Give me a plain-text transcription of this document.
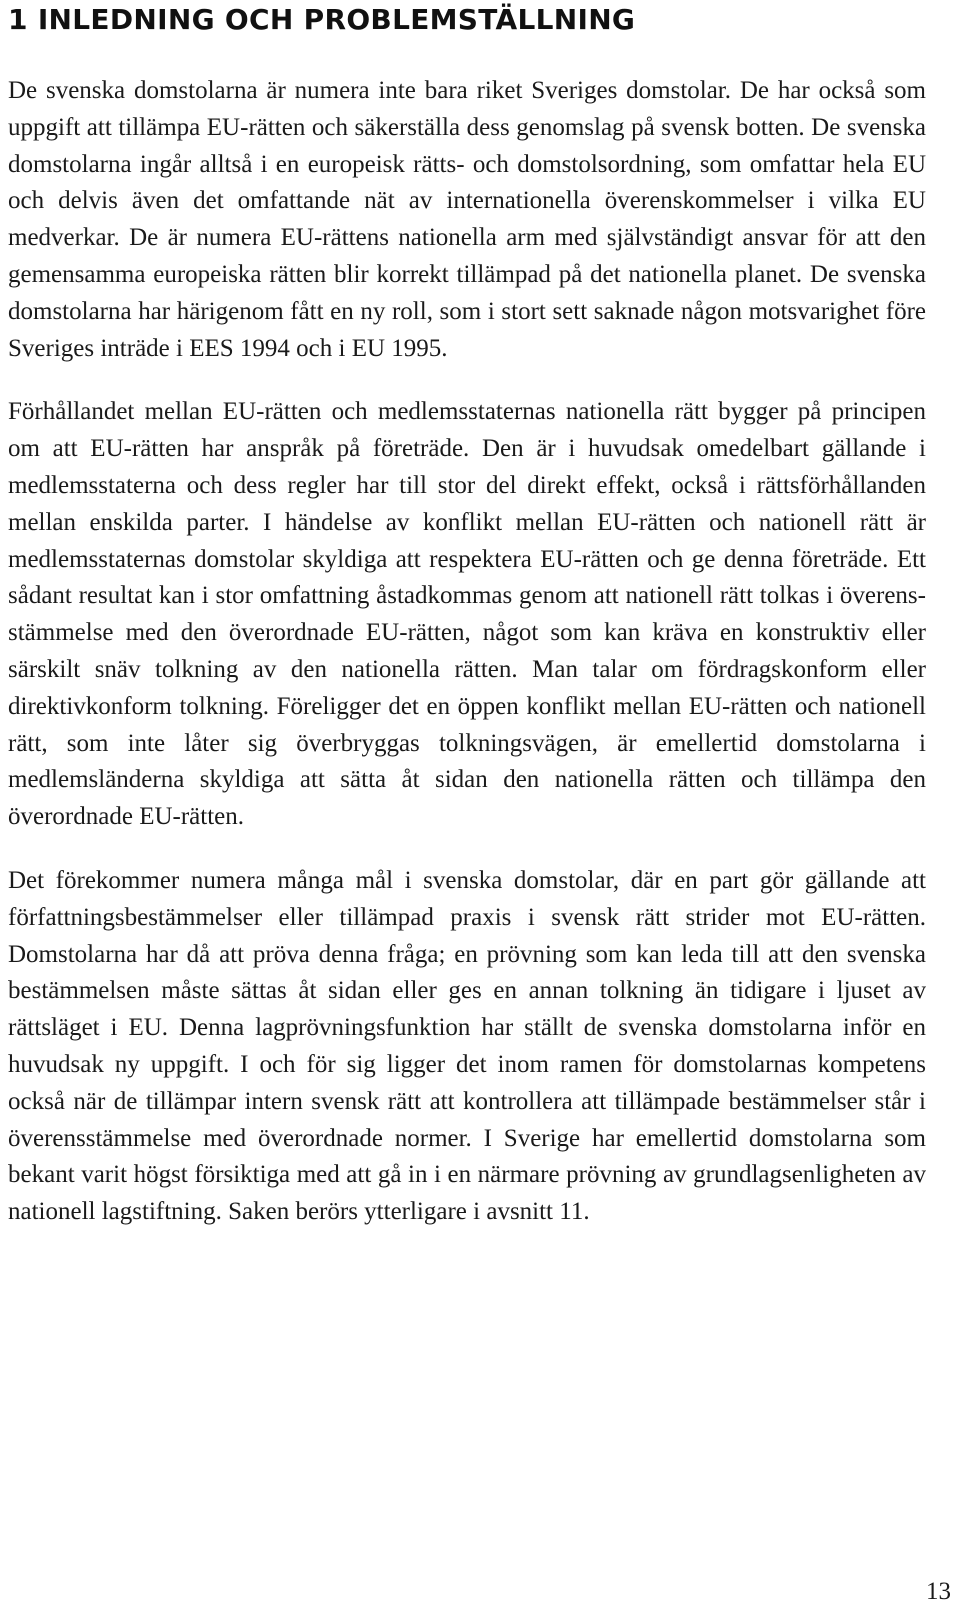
1 INLEDNING OCH PROBLEMSTÄLLNING

De svenska domstolarna är numera inte bara riket Sveriges domstolar. De har också som uppgift att tillämpa EU-rätten och säkerställa dess genomslag på svensk botten. De svenska domstolarna ingår alltså i en europeisk rätts- och domstolsordning, som omfattar hela EU och delvis även det omfattande nät av internationella överenskommelser i vilka EU medverkar. De är numera EU-rättens nationella arm med självständigt ansvar för att den gemensamma europeiska rätten blir korrekt tillämpad på det nationella planet. De svenska domstolarna har härigenom fått en ny roll, som i stort sett saknade någon motsvarighet före Sveriges inträde i EES 1994 och i EU 1995.

Förhållandet mellan EU-rätten och medlemsstaternas nationella rätt bygger på principen om att EU-rätten har anspråk på företräde. Den är i huvudsak omedelbart gällande i medlemsstaterna och dess regler har till stor del direkt effekt, också i rättsförhållanden mellan enskilda parter. I händelse av konflikt mellan EU-rätten och nationell rätt är medlemsstaternas domstolar skyldiga att respektera EU-rätten och ge denna företräde. Ett sådant resultat kan i stor omfattning åstadkommas genom att nationell rätt tolkas i överensstämmelse med den överordnade EU-rätten, något som kan kräva en konstruktiv eller särskilt snäv tolkning av den nationella rätten. Man talar om fördragskonform eller direktivkonform tolkning. Föreligger det en öppen konflikt mellan EU-rätten och nationell rätt, som inte låter sig överbryggas tolkningsvägen, är emellertid domstolarna i medlemsländerna skyldiga att sätta åt sidan den nationella rätten och tillämpa den överordnade EU-rätten.

Det förekommer numera många mål i svenska domstolar, där en part gör gällande att författningsbestämmelser eller tillämpad praxis i svensk rätt strider mot EU-rätten. Domstolarna har då att pröva denna fråga; en prövning som kan leda till att den svenska bestämmelsen måste sättas åt sidan eller ges en annan tolkning än tidigare i ljuset av rättsläget i EU. Denna lagprövningsfunktion har ställt de svenska domstolarna inför en huvudsak ny uppgift. I och för sig ligger det inom ramen för domstolarnas kompetens också när de tillämpar intern svensk rätt att kontrollera att tillämpade bestämmelser står i överensstämmelse med överordnade normer. I Sverige har emellertid domstolarna som bekant varit högst försiktiga med att gå in i en närmare prövning av grundlagsenligheten av nationell lagstiftning. Saken berörs ytterligare i avsnitt 11.

13
